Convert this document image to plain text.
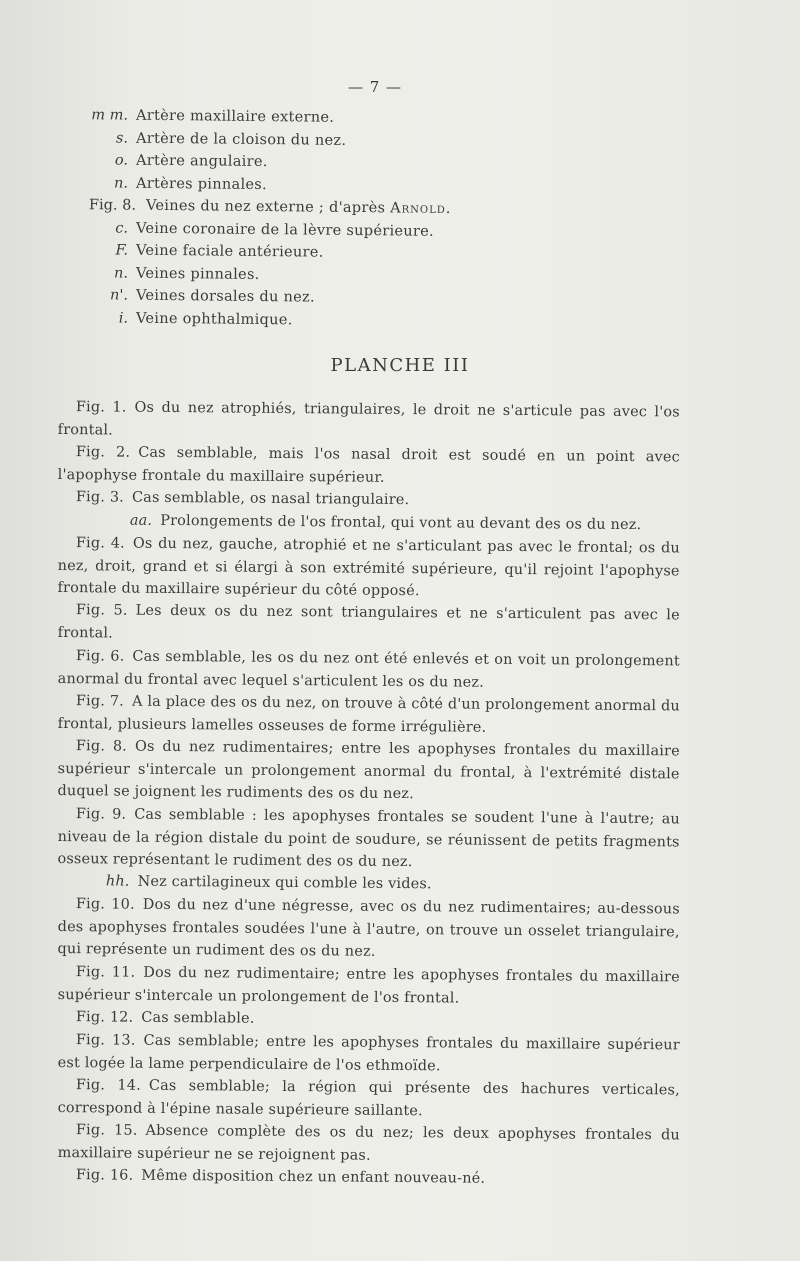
— 7 —
m m. Artère maxillaire externe.
s. Artère de la cloison du nez.
o. Artère angulaire.
n. Artères pinnales.
Fig. 8. Veines du nez externe ; d'après Arnold.
c. Veine coronaire de la lèvre supérieure.
F. Veine faciale antérieure.
n. Veines pinnales.
n'. Veines dorsales du nez.
i. Veine ophthalmique.
PLANCHE III

Fig. 1. Os du nez atrophiés, triangulaires, le droit ne s'articule pas avec l'os frontal.

Fig. 2. Cas semblable, mais l'os nasal droit est soudé en un point avec l'apophyse frontale du maxillaire supérieur.

Fig. 3. Cas semblable, os nasal triangulaire.

aa. Prolongements de l'os frontal, qui vont au devant des os du nez.

Fig. 4. Os du nez, gauche, atrophié et ne s'articulant pas avec le frontal; os du nez, droit, grand et si élargi à son extrémité supérieure, qu'il rejoint l'apophyse frontale du maxillaire supérieur du côté opposé.

Fig. 5. Les deux os du nez sont triangulaires et ne s'articulent pas avec le frontal.

Fig. 6. Cas semblable, les os du nez ont été enlevés et on voit un prolongement anormal du frontal avec lequel s'articulent les os du nez.

Fig. 7. A la place des os du nez, on trouve à côté d'un prolongement anormal du frontal, plusieurs lamelles osseuses de forme irrégulière.

Fig. 8. Os du nez rudimentaires; entre les apophyses frontales du maxillaire supérieur s'intercale un prolongement anormal du frontal, à l'extrémité distale duquel se joignent les rudiments des os du nez.

Fig. 9. Cas semblable : les apophyses frontales se soudent l'une à l'autre; au niveau de la région distale du point de soudure, se réunissent de petits fragments osseux représentant le rudiment des os du nez.

hh. Nez cartilagineux qui comble les vides.

Fig. 10. Dos du nez d'une négresse, avec os du nez rudimentaires; au-dessous des apophyses frontales soudées l'une à l'autre, on trouve un osselet triangulaire, qui représente un rudiment des os du nez.

Fig. 11. Dos du nez rudimentaire; entre les apophyses frontales du maxillaire supérieur s'intercale un prolongement de l'os frontal.

Fig. 12. Cas semblable.

Fig. 13. Cas semblable; entre les apophyses frontales du maxillaire supérieur est logée la lame perpendiculaire de l'os ethmoïde.

Fig. 14. Cas semblable; la région qui présente des hachures verticales, correspond à l'épine nasale supérieure saillante.

Fig. 15. Absence complète des os du nez; les deux apophyses frontales du maxillaire supérieur ne se rejoignent pas.

Fig. 16. Même disposition chez un enfant nouveau-né.
